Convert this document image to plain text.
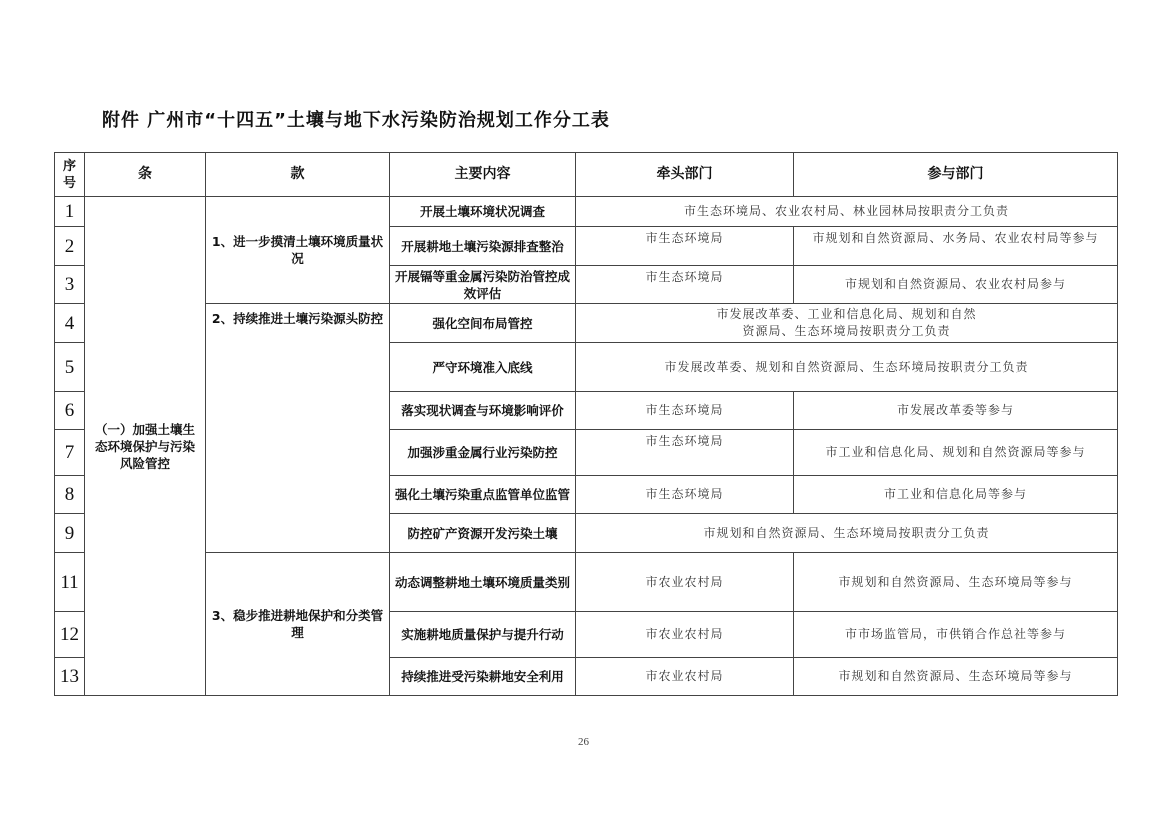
附件 广州市“十四五”土壤与地下水污染防治规划工作分工表
序号	条	款	主要内容	牵头部门	参与部门
1	（一）加强土壤生态环境保护与污染风险管控	1、进一步摸清土壤环境质量状况	开展土壤环境状况调查	市生态环境局、农业农村局、林业园林局按职责分工负责	
2			开展耕地土壤污染源排查整治	市生态环境局	市规划和自然资源局、水务局、农业农村局等参与
3			开展镉等重金属污染防治管控成效评估	市生态环境局	市规划和自然资源局、农业农村局参与
4		2、持续推进土壤污染源头防控	强化空间布局管控	市发展改革委、工业和信息化局、规划和自然资源局、生态环境局按职责分工负责	
5			严守环境准入底线	市发展改革委、规划和自然资源局、生态环境局按职责分工负责	
6			落实现状调查与环境影响评价	市生态环境局	市发展改革委等参与
7			加强涉重金属行业污染防控	市生态环境局	市工业和信息化局、规划和自然资源局等参与
8			强化土壤污染重点监管单位监管	市生态环境局	市工业和信息化局等参与
9			防控矿产资源开发污染土壤	市规划和自然资源局、生态环境局按职责分工负责	
11		3、稳步推进耕地保护和分类管理	动态调整耕地土壤环境质量类别	市农业农村局	市规划和自然资源局、生态环境局等参与
12			实施耕地质量保护与提升行动	市农业农村局	市市场监管局，市供销合作总社等参与
13			持续推进受污染耕地安全利用	市农业农村局	市规划和自然资源局、生态环境局等参与
26
